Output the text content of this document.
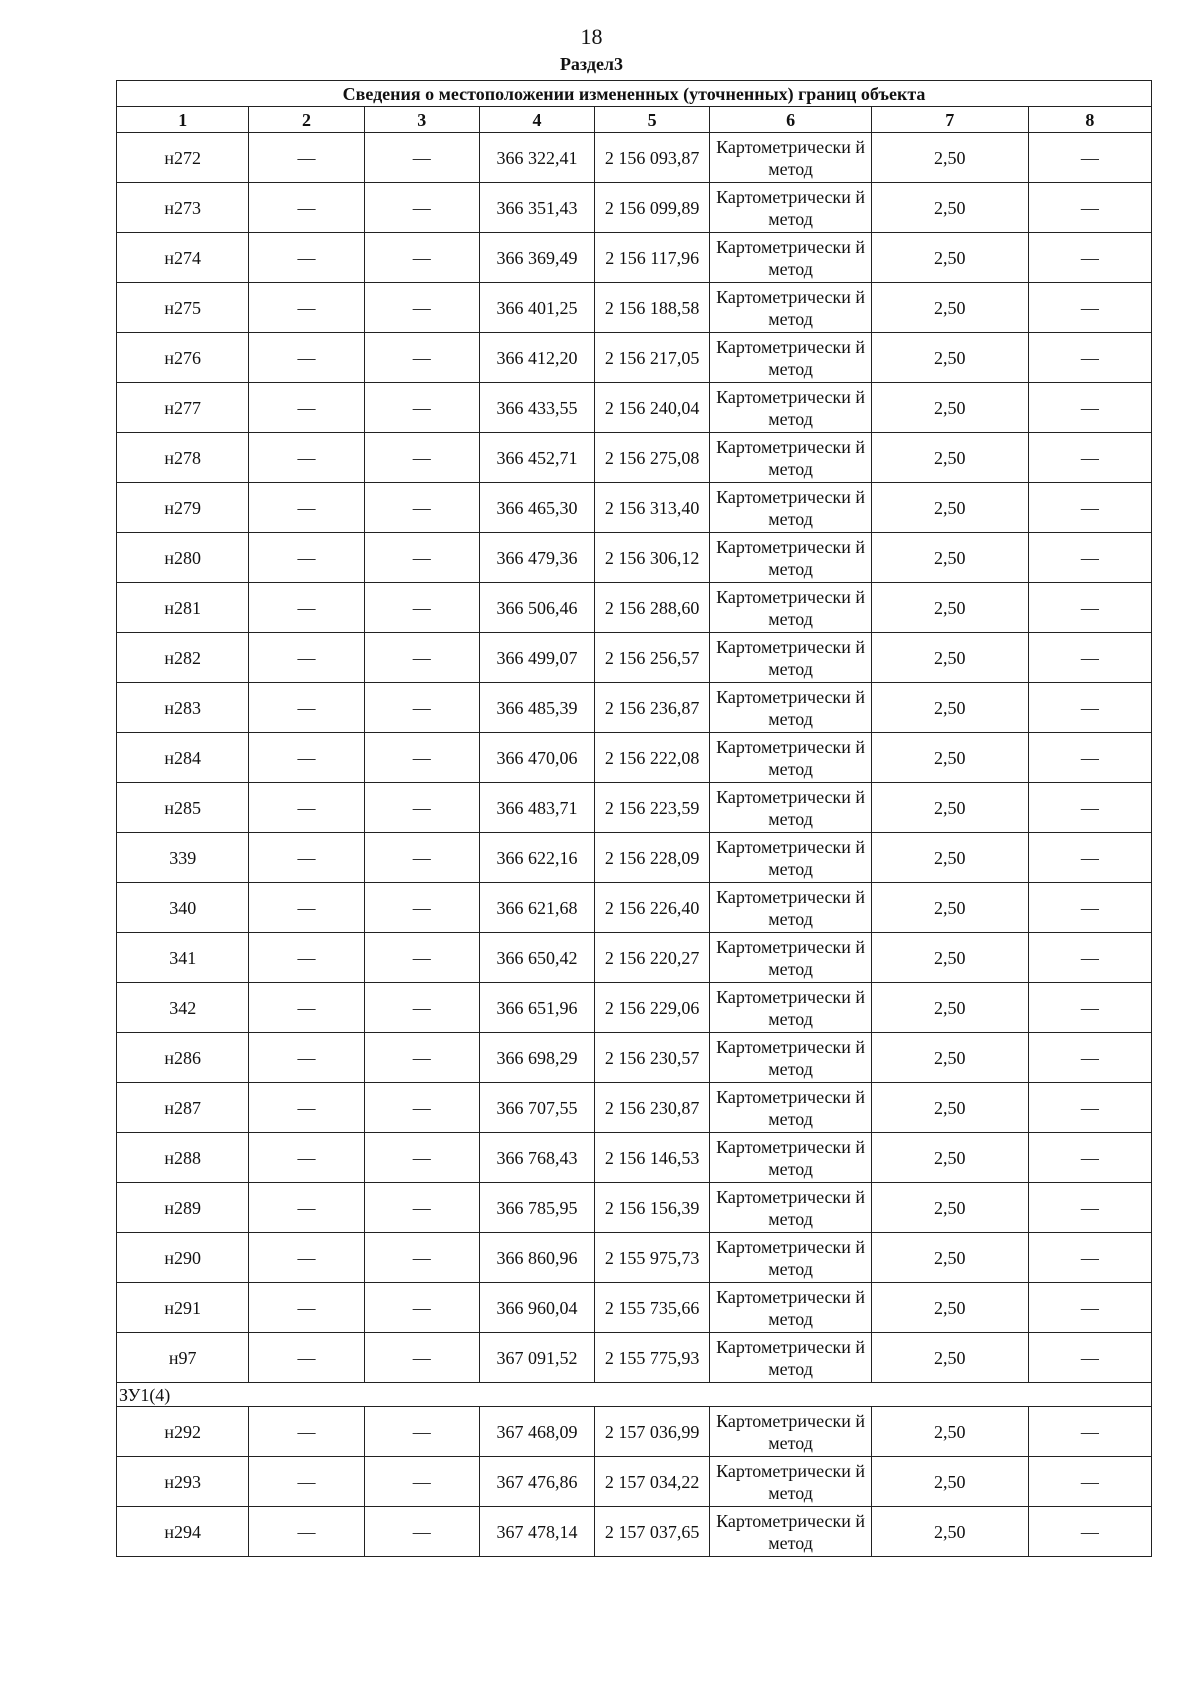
18
Раздел3
Сведения о местоположении измененных (уточненных) границ объекта							
1	2	3	4	5	6	7	8
н272	—	—	366 322,41	2 156 093,87	Картометрически й метод	2,50	—
н273	—	—	366 351,43	2 156 099,89	Картометрически й метод	2,50	—
н274	—	—	366 369,49	2 156 117,96	Картометрически й метод	2,50	—
н275	—	—	366 401,25	2 156 188,58	Картометрически й метод	2,50	—
н276	—	—	366 412,20	2 156 217,05	Картометрически й метод	2,50	—
н277	—	—	366 433,55	2 156 240,04	Картометрически й метод	2,50	—
н278	—	—	366 452,71	2 156 275,08	Картометрически й метод	2,50	—
н279	—	—	366 465,30	2 156 313,40	Картометрически й метод	2,50	—
н280	—	—	366 479,36	2 156 306,12	Картометрически й метод	2,50	—
н281	—	—	366 506,46	2 156 288,60	Картометрически й метод	2,50	—
н282	—	—	366 499,07	2 156 256,57	Картометрически й метод	2,50	—
н283	—	—	366 485,39	2 156 236,87	Картометрически й метод	2,50	—
н284	—	—	366 470,06	2 156 222,08	Картометрически й метод	2,50	—
н285	—	—	366 483,71	2 156 223,59	Картометрически й метод	2,50	—
339	—	—	366 622,16	2 156 228,09	Картометрически й метод	2,50	—
340	—	—	366 621,68	2 156 226,40	Картометрически й метод	2,50	—
341	—	—	366 650,42	2 156 220,27	Картометрически й метод	2,50	—
342	—	—	366 651,96	2 156 229,06	Картометрически й метод	2,50	—
н286	—	—	366 698,29	2 156 230,57	Картометрически й метод	2,50	—
н287	—	—	366 707,55	2 156 230,87	Картометрически й метод	2,50	—
н288	—	—	366 768,43	2 156 146,53	Картометрически й метод	2,50	—
н289	—	—	366 785,95	2 156 156,39	Картометрически й метод	2,50	—
н290	—	—	366 860,96	2 155 975,73	Картометрически й метод	2,50	—
н291	—	—	366 960,04	2 155 735,66	Картометрически й метод	2,50	—
н97	—	—	367 091,52	2 155 775,93	Картометрически й метод	2,50	—
ЗУ1(4)							
н292	—	—	367 468,09	2 157 036,99	Картометрически й метод	2,50	—
н293	—	—	367 476,86	2 157 034,22	Картометрически й метод	2,50	—
н294	—	—	367 478,14	2 157 037,65	Картометрически й метод	2,50	—
